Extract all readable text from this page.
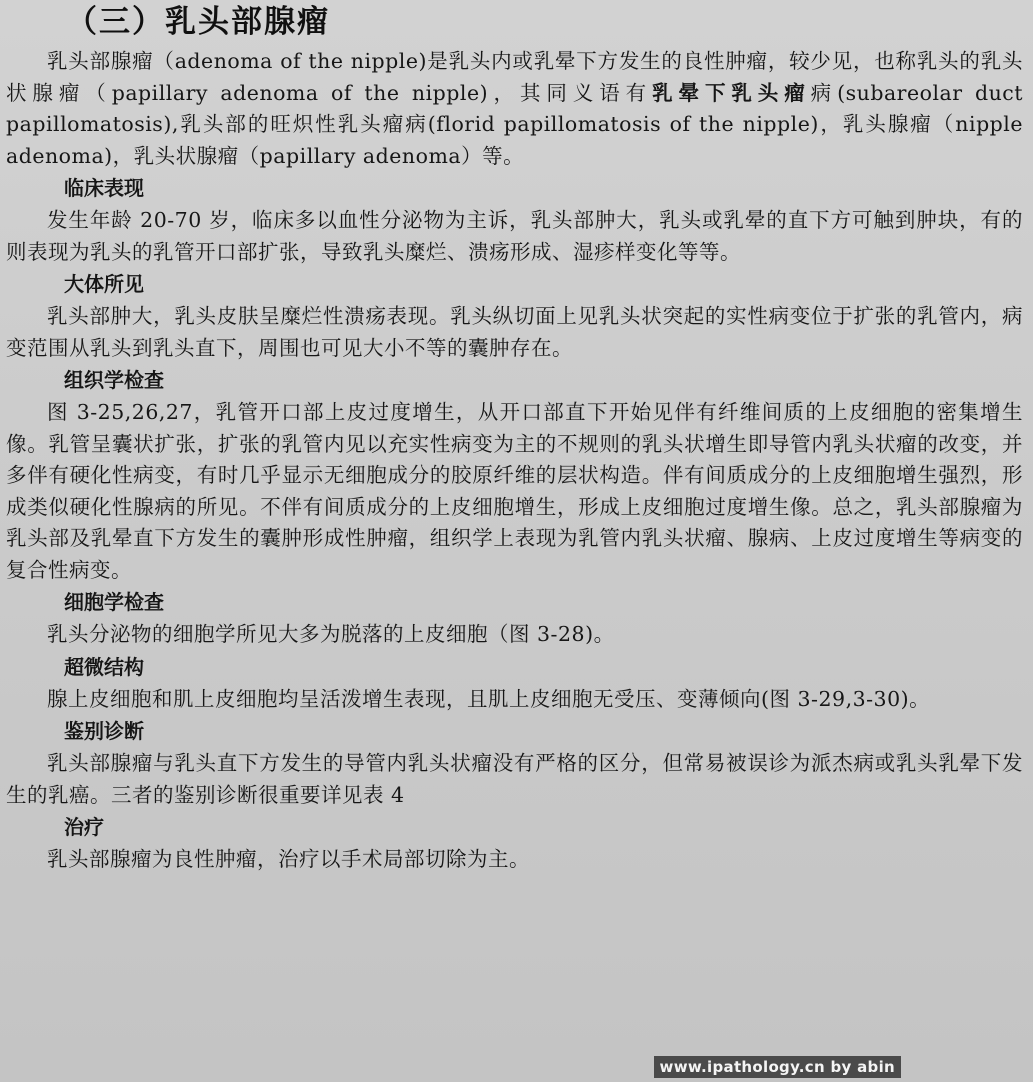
（三）乳头部腺瘤

乳头部腺瘤（adenoma of the nipple)是乳头内或乳晕下方发生的良性肿瘤，较少见，也称乳头的乳头状腺瘤（papillary adenoma of the nipple)，其同义语有乳晕下乳头瘤病(subareolar duct papillomatosis),乳头部的旺炽性乳头瘤病(florid papillomatosis of the nipple)，乳头腺瘤（nipple adenoma)，乳头状腺瘤（papillary adenoma）等。

临床表现

发生年龄 20-70 岁，临床多以血性分泌物为主诉，乳头部肿大，乳头或乳晕的直下方可触到肿块，有的则表现为乳头的乳管开口部扩张，导致乳头糜烂、溃疡形成、湿疹样变化等等。

大体所见

乳头部肿大，乳头皮肤呈糜烂性溃疡表现。乳头纵切面上见乳头状突起的实性病变位于扩张的乳管内，病变范围从乳头到乳头直下，周围也可见大小不等的囊肿存在。

组织学检查

图 3-25,26,27，乳管开口部上皮过度增生，从开口部直下开始见伴有纤维间质的上皮细胞的密集增生像。乳管呈囊状扩张，扩张的乳管内见以充实性病变为主的不规则的乳头状增生即导管内乳头状瘤的改变，并多伴有硬化性病变，有时几乎显示无细胞成分的胶原纤维的层状构造。伴有间质成分的上皮细胞增生强烈，形成类似硬化性腺病的所见。不伴有间质成分的上皮细胞增生，形成上皮细胞过度增生像。总之，乳头部腺瘤为乳头部及乳晕直下方发生的囊肿形成性肿瘤，组织学上表现为乳管内乳头状瘤、腺病、上皮过度增生等病变的复合性病变。

细胞学检查

乳头分泌物的细胞学所见大多为脱落的上皮细胞（图 3-28)。

超微结构

腺上皮细胞和肌上皮细胞均呈活泼增生表现，且肌上皮细胞无受压、变薄倾向(图 3-29,3-30)。

鉴别诊断

乳头部腺瘤与乳头直下方发生的导管内乳头状瘤没有严格的区分，但常易被误诊为派杰病或乳头乳晕下发生的乳癌。三者的鉴别诊断很重要详见表 4

治疗

乳头部腺瘤为良性肿瘤，治疗以手术局部切除为主。

www.ipathology.cn by abin
